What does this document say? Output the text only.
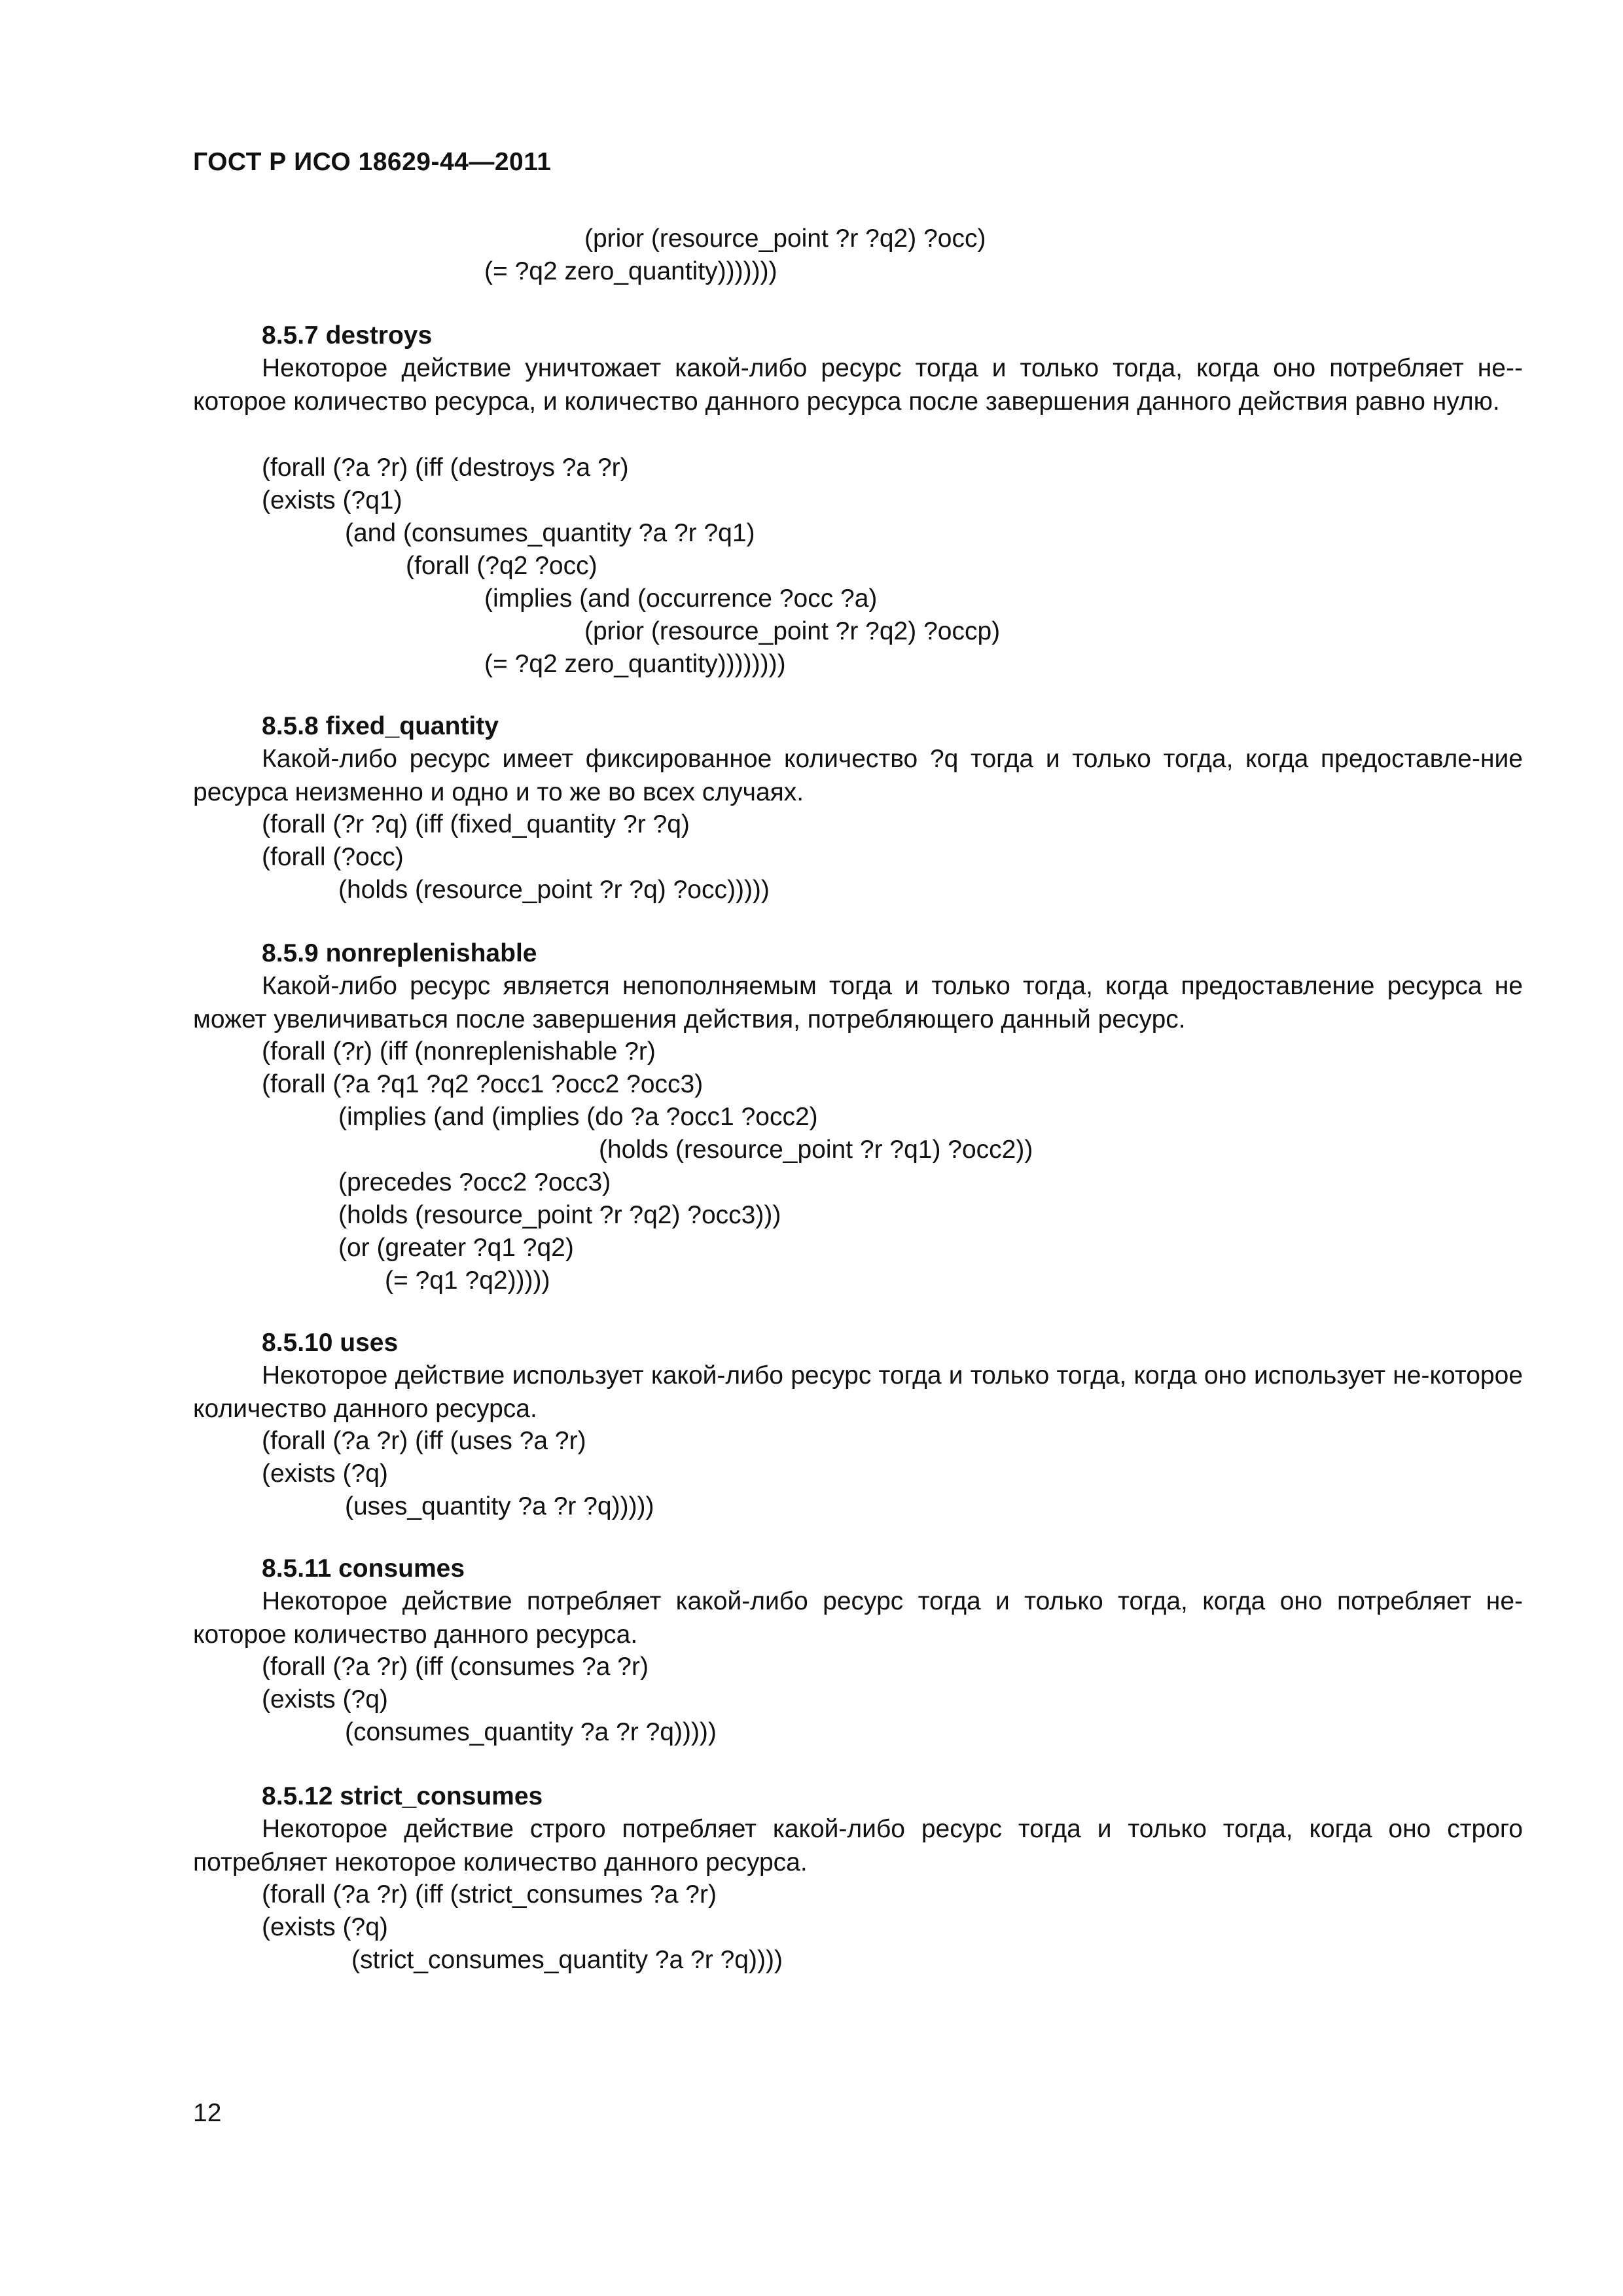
ГОСТ Р ИСО 18629-44—2011
(prior (resource_point ?r ?q2) ?occ)
(= ?q2 zero_quantity)))))))
8.5.7 destroys

Некоторое действие уничтожает какой-либо ресурс тогда и только тогда, когда оно потребляет не-которое количество ресурса, и количество данного ресурса после завершения данного действия равно нулю.

(forall (?a ?r) (iff (destroys ?a ?r)
(exists (?q1)
(and (consumes_quantity ?a ?r ?q1)
(forall (?q2 ?occ)
(implies (and (occurrence ?occ ?a)
(prior (resource_point ?r ?q2) ?occp)
(= ?q2 zero_quantity))))))))
8.5.8 fixed_quantity

Какой-либо ресурс имеет фиксированное количество ?q тогда и только тогда, когда предоставле-ние ресурса неизменно и одно и то же во всех случаях.

(forall (?r ?q) (iff (fixed_quantity ?r ?q)
(forall (?occ)
(holds (resource_point ?r ?q) ?occ)))))
8.5.9 nonreplenishable

Какой-либо ресурс является непополняемым тогда и только тогда, когда предоставление ресурса не может увеличиваться после завершения действия, потребляющего данный ресурс.

(forall (?r) (iff (nonreplenishable ?r)
(forall (?a ?q1 ?q2 ?occ1 ?occ2 ?occ3)
(implies (and (implies (do ?a ?occ1 ?occ2)
(holds (resource_point ?r ?q1) ?occ2))
(precedes ?occ2 ?occ3)
(holds (resource_point ?r ?q2) ?occ3)))
(or (greater ?q1 ?q2)
(= ?q1 ?q2)))))
8.5.10 uses

Некоторое действие использует какой-либо ресурс тогда и только тогда, когда оно использует не-которое количество данного ресурса.

(forall (?a ?r) (iff (uses ?a ?r)
(exists (?q)
(uses_quantity ?a ?r ?q)))))
8.5.11 consumes

Некоторое действие потребляет какой-либо ресурс тогда и только тогда, когда оно потребляет не-которое количество данного ресурса.

(forall (?a ?r) (iff (consumes ?a ?r)
(exists (?q)
(consumes_quantity ?a ?r ?q)))))
8.5.12 strict_consumes

Некоторое действие строго потребляет какой-либо ресурс тогда и только тогда, когда оно строго потребляет некоторое количество данного ресурса.

(forall (?a ?r) (iff (strict_consumes ?a ?r)
(exists (?q)
(strict_consumes_quantity ?a ?r ?q))))
12
